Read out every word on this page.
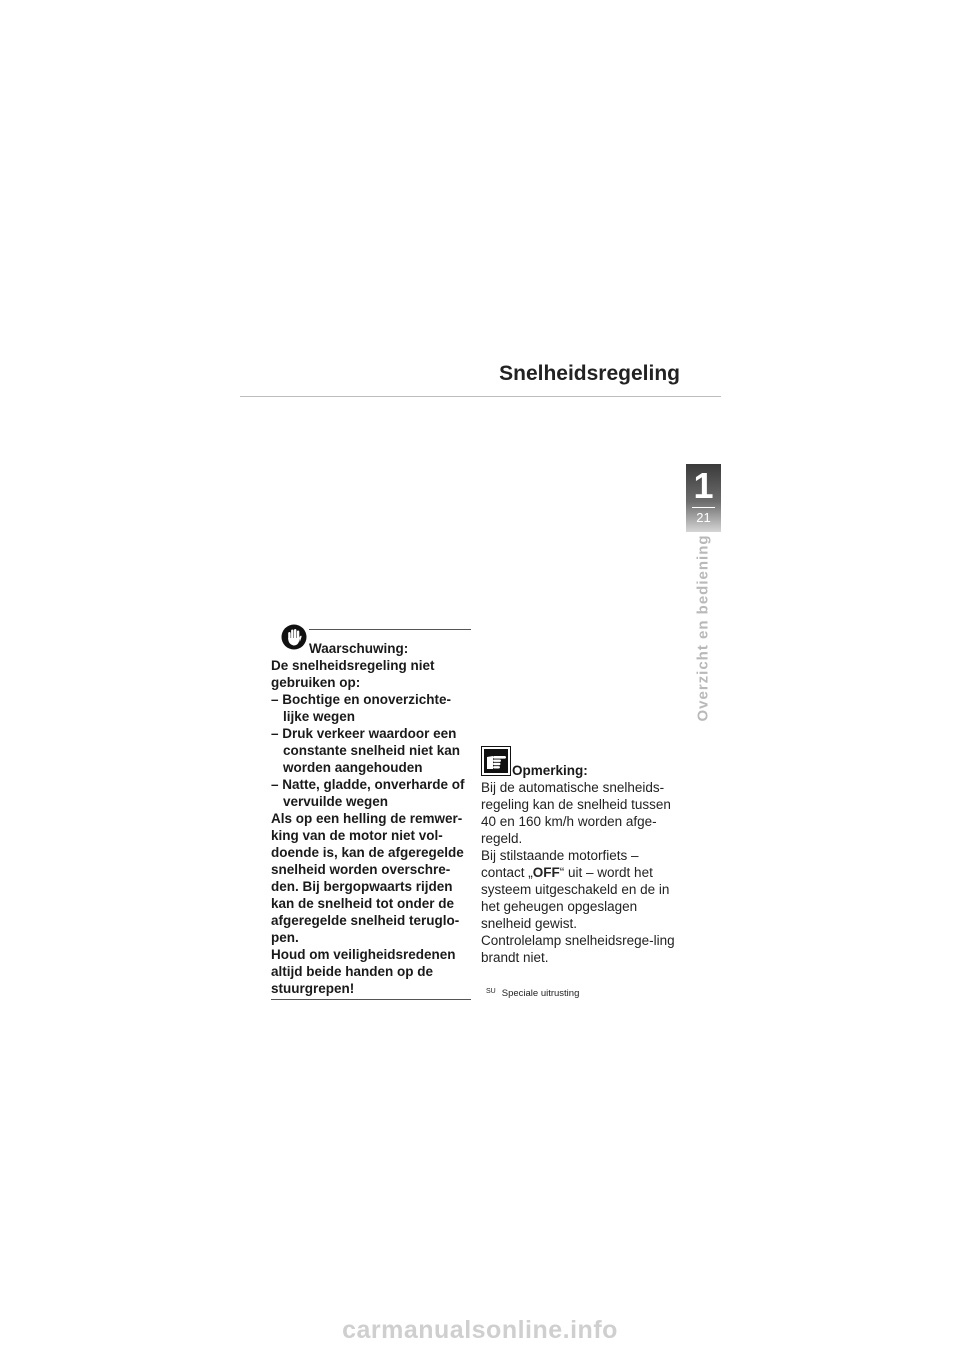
Snelheidsregeling
1
21
Overzicht en bediening
Waarschuwing:

De snelheidsregeling niet gebruiken op:

– Bochtige en onoverzichte-lijke wegen

– Druk verkeer waardoor een constante snelheid niet kan worden aangehouden

– Natte, gladde, onverharde of vervuilde wegen

Als op een helling de remwer-king van de motor niet vol-doende is, kan de afgeregelde snelheid worden overschre-den. Bij bergopwaarts rijden kan de snelheid tot onder de afgeregelde snelheid teruglo-pen.

Houd om veiligheidsredenen altijd beide handen op de stuurgrepen!

Opmerking:

Bij de automatische snelheids-regeling kan de snelheid tussen 40 en 160 km/h worden afge-regeld.

Bij stilstaande motorfiets – contact „OFF“ uit – wordt het systeem uitgeschakeld en de in het geheugen opgeslagen snelheid gewist.

Controlelamp snelheidsrege-ling brandt niet.

$^{SU}$ Speciale uitrusting
carmanualsonline.info
